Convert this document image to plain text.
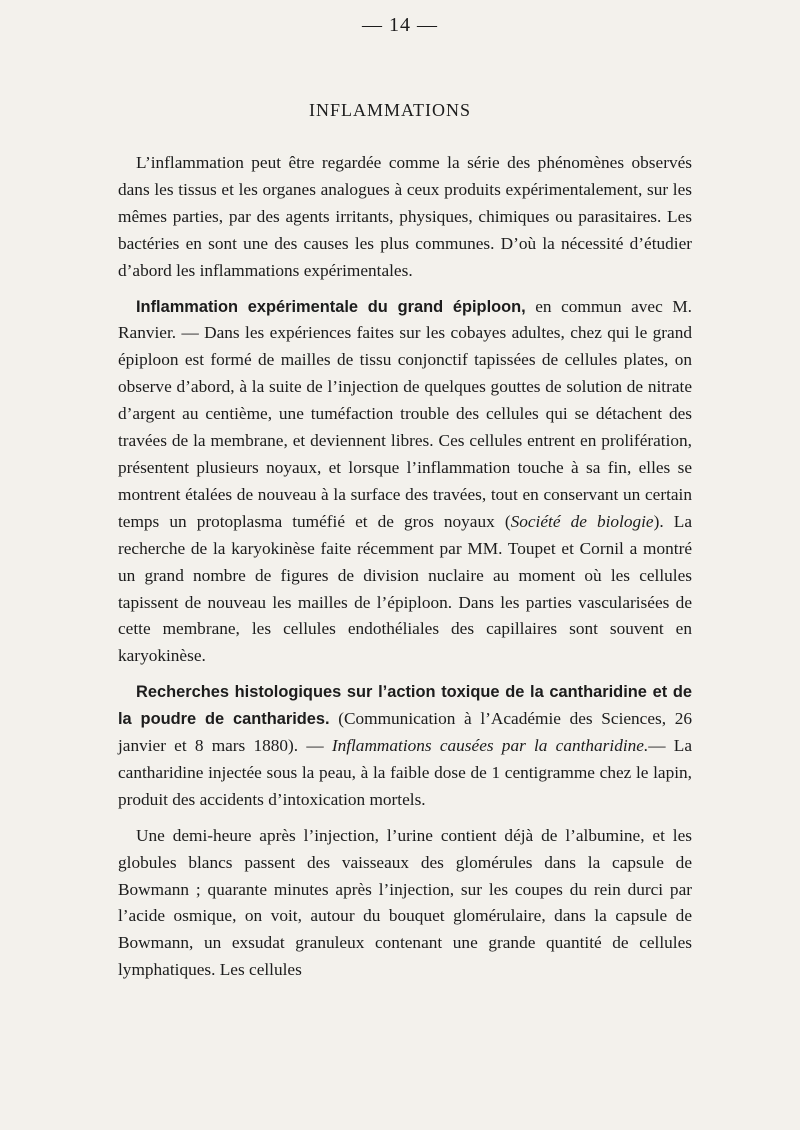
— 14 —
INFLAMMATIONS

L’inflammation peut être regardée comme la série des phénomènes observés dans les tissus et les organes analogues à ceux produits expérimentalement, sur les mêmes parties, par des agents irritants, physiques, chimiques ou parasitaires. Les bactéries en sont une des causes les plus communes. D’où la nécessité d’étudier d’abord les inflammations expérimentales.

Inflammation expérimentale du grand épiploon, en commun avec M. Ranvier. — Dans les expériences faites sur les cobayes adultes, chez qui le grand épiploon est formé de mailles de tissu conjonctif tapissées de cellules plates, on observe d’abord, à la suite de l’injection de quelques gouttes de solution de nitrate d’argent au centième, une tuméfaction trouble des cellules qui se détachent des travées de la membrane, et deviennent libres. Ces cellules entrent en prolifération, présentent plusieurs noyaux, et lorsque l’inflammation touche à sa fin, elles se montrent étalées de nouveau à la surface des travées, tout en conservant un certain temps un protoplasma tuméfié et de gros noyaux (Société de biologie). La recherche de la karyokinèse faite récemment par MM. Toupet et Cornil a montré un grand nombre de figures de division nuclaire au moment où les cellules tapissent de nouveau les mailles de l’épiploon. Dans les parties vascularisées de cette membrane, les cellules endothéliales des capillaires sont souvent en karyokinèse.

Recherches histologiques sur l’action toxique de la cantharidine et de la poudre de cantharides. (Communication à l’Académie des Sciences, 26 janvier et 8 mars 1880). — Inflammations causées par la cantharidine.— La cantharidine injectée sous la peau, à la faible dose de 1 centigramme chez le lapin, produit des accidents d’intoxication mortels.

Une demi-heure après l’injection, l’urine contient déjà de l’albumine, et les globules blancs passent des vaisseaux des glomérules dans la capsule de Bowmann ; quarante minutes après l’injection, sur les coupes du rein durci par l’acide osmique, on voit, autour du bouquet glomérulaire, dans la capsule de Bowmann, un exsudat granuleux contenant une grande quantité de cellules lymphatiques. Les cellules
